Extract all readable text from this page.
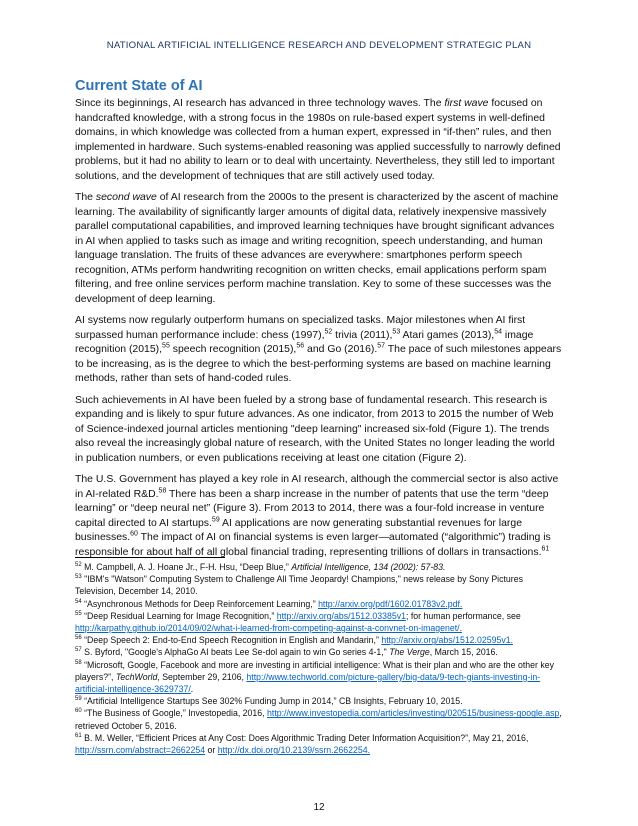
NATIONAL ARTIFICIAL INTELLIGENCE RESEARCH AND DEVELOPMENT STRATEGIC PLAN
Current State of AI

Since its beginnings, AI research has advanced in three technology waves. The first wave focused on handcrafted knowledge, with a strong focus in the 1980s on rule-based expert systems in well-defined domains, in which knowledge was collected from a human expert, expressed in “if-then” rules, and then implemented in hardware. Such systems-enabled reasoning was applied successfully to narrowly defined problems, but it had no ability to learn or to deal with uncertainty. Nevertheless, they still led to important solutions, and the development of techniques that are still actively used today.

The second wave of AI research from the 2000s to the present is characterized by the ascent of machine learning. The availability of significantly larger amounts of digital data, relatively inexpensive massively parallel computational capabilities, and improved learning techniques have brought significant advances in AI when applied to tasks such as image and writing recognition, speech understanding, and human language translation. The fruits of these advances are everywhere: smartphones perform speech recognition, ATMs perform handwriting recognition on written checks, email applications perform spam filtering, and free online services perform machine translation. Key to some of these successes was the development of deep learning.

AI systems now regularly outperform humans on specialized tasks. Major milestones when AI first surpassed human performance include: chess (1997),$^{52}$ trivia (2011),$^{53}$ Atari games (2013),$^{54}$ image recognition (2015),$^{55}$ speech recognition (2015),$^{56}$ and Go (2016).$^{57}$ The pace of such milestones appears to be increasing, as is the degree to which the best-performing systems are based on machine learning methods, rather than sets of hand-coded rules.

Such achievements in AI have been fueled by a strong base of fundamental research. This research is expanding and is likely to spur future advances. As one indicator, from 2013 to 2015 the number of Web of Science-indexed journal articles mentioning "deep learning" increased six-fold (Figure 1). The trends also reveal the increasingly global nature of research, with the United States no longer leading the world in publication numbers, or even publications receiving at least one citation (Figure 2).

The U.S. Government has played a key role in AI research, although the commercial sector is also active in AI-related R&D.$^{58}$ There has been a sharp increase in the number of patents that use the term “deep learning” or “deep neural net” (Figure 3). From 2013 to 2014, there was a four-fold increase in venture capital directed to AI startups.$^{59}$ AI applications are now generating substantial revenues for large businesses.$^{60}$ The impact of AI on financial systems is even larger—automated (“algorithmic”) trading is responsible for about half of all global financial trading, representing trillions of dollars in transactions.$^{61}$

$^{52}$ M. Campbell, A. J. Hoane Jr., F-H. Hsu, “Deep Blue,” Artificial Intelligence, 134 (2002): 57-83.

$^{53}$ "IBM's "Watson" Computing System to Challenge All Time Jeopardy! Champions," news release by Sony Pictures Television, December 14, 2010.

$^{54}$ “Asynchronous Methods for Deep Reinforcement Learning,” http://arxiv.org/pdf/1602.01783v2.pdf.

$^{55}$ “Deep Residual Learning for Image Recognition,” http://arxiv.org/abs/1512.03385v1; for human performance, see http://karpathy.github.io/2014/09/02/what-i-learned-from-competing-against-a-convnet-on-imagenet/.

$^{56}$ “Deep Speech 2: End-to-End Speech Recognition in English and Mandarin,” http://arxiv.org/abs/1512.02595v1.

$^{57}$ S. Byford, "Google's AlphaGo AI beats Lee Se-dol again to win Go series 4-1," The Verge, March 15, 2016.

$^{58}$ “Microsoft, Google, Facebook and more are investing in artificial intelligence: What is their plan and who are the other key players?”, TechWorld, September 29, 2106, http://www.techworld.com/picture-gallery/big-data/9-tech-giants-investing-in-artificial-intelligence-3629737/.

$^{59}$ “Artificial Intelligence Startups See 302% Funding Jump in 2014,” CB Insights, February 10, 2015.

$^{60}$ “The Business of Google,” Investopedia, 2016, http://www.investopedia.com/articles/investing/020515/business-google.asp, retrieved October 5, 2016.

$^{61}$ B. M. Weller, “Efficient Prices at Any Cost: Does Algorithmic Trading Deter Information Acquisition?”, May 21, 2016, http://ssrn.com/abstract=2662254 or http://dx.doi.org/10.2139/ssrn.2662254.

12
